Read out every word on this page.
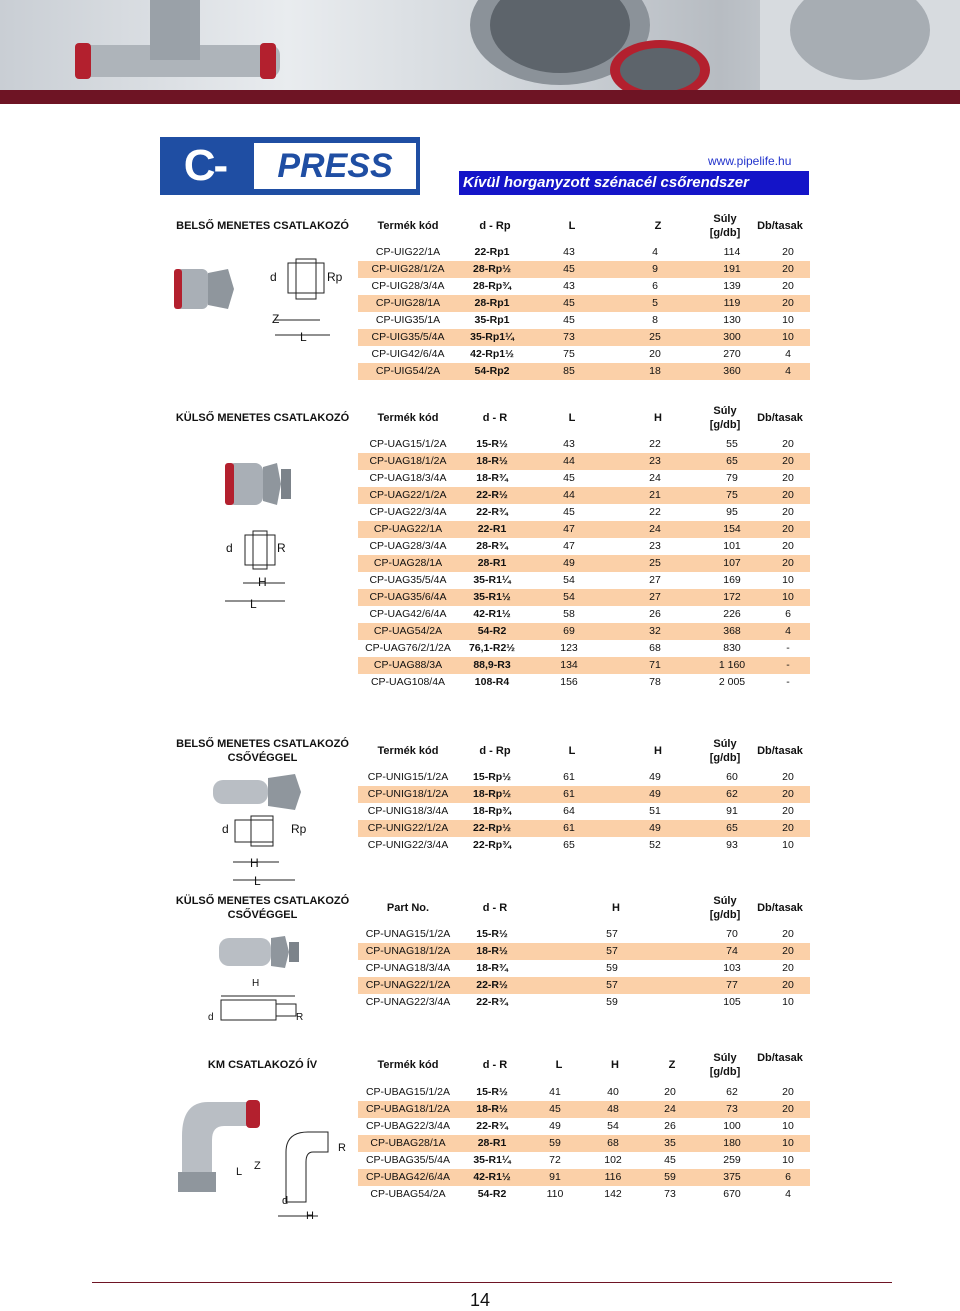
C-	PRESS	www.pipelife.hu
Kívül horganyzott szénacél csőrendszer
BELSŐ MENETES CSATLAKOZÓ	Termék kód	d - Rp	L	Z
Súly
[g/db]
Db/tasak
CP-UIG22/1A	22-Rp1	43	4	114	20
CP-UIG28/1/2A	28-Rp½	45	9	191	20
CP-UIG28/3/4A	28-Rp¾	43	6	139	20
CP-UIG28/1A	28-Rp1	45	5	119	20
CP-UIG35/1A	35-Rp1	45	8	130	10
CP-UIG35/5/4A	35-Rp1¼	73	25	300	10
CP-UIG42/6/4A	42-Rp1½	75	20	270	4
CP-UIG54/2A	54-Rp2	85	18	360	4
d	Rp
Z
L
KÜLSŐ MENETES CSATLAKOZÓ	Termék kód	d - R	L	H
Súly
[g/db]
Db/tasak
CP-UAG15/1/2A	15-R½	43	22	55	20
CP-UAG18/1/2A	18-R½	44	23	65	20
CP-UAG18/3/4A	18-R¾	45	24	79	20
CP-UAG22/1/2A	22-R½	44	21	75	20
CP-UAG22/3/4A	22-R¾	45	22	95	20
CP-UAG22/1A	22-R1	47	24	154	20
CP-UAG28/3/4A	28-R¾	47	23	101	20
CP-UAG28/1A	28-R1	49	25	107	20
CP-UAG35/5/4A	35-R1¼	54	27	169	10
CP-UAG35/6/4A	35-R1½	54	27	172	10
CP-UAG42/6/4A	42-R1½	58	26	226	6
CP-UAG54/2A	54-R2	69	32	368	4
CP-UAG76/2/1/2A	76,1-R2½	123	68	830	-
CP-UAG88/3A	88,9-R3	134	71	1 160	-
CP-UAG108/4A	108-R4	156	78	2 005	-
d	R
H
L
BELSŐ MENETES CSATLAKOZÓ
CSŐVÉGGEL
Termék kód	d - Rp	L	H
Súly
[g/db]
Db/tasak
CP-UNIG15/1/2A	15-Rp½	61	49	60	20
CP-UNIG18/1/2A	18-Rp½	61	49	62	20
CP-UNIG18/3/4A	18-Rp¾	64	51	91	20
CP-UNIG22/1/2A	22-Rp½	61	49	65	20
CP-UNIG22/3/4A	22-Rp¾	65	52	93	10
d	Rp
H
L
KÜLSŐ MENETES CSATLAKOZÓ
CSŐVÉGGEL
Part No.	d - R	H
Súly
[g/db]
Db/tasak
CP-UNAG15/1/2A	15-R½	57	70	20
CP-UNAG18/1/2A	18-R½	57	74	20
CP-UNAG18/3/4A	18-R¾	59	103	20
CP-UNAG22/1/2A	22-R½	57	77	20
CP-UNAG22/3/4A	22-R¾	59	105	10
H
d	R
KM CSATLAKOZÓ ÍV	Termék kód	d - R	L	H	Z
Súly
[g/db]
Db/tasak
CP-UBAG15/1/2A	15-R½	41	40	20	62	20
CP-UBAG18/1/2A	18-R½	45	48	24	73	20
CP-UBAG22/3/4A	22-R¾	49	54	26	100	10
CP-UBAG28/1A	28-R1	59	68	35	180	10
CP-UBAG35/5/4A	35-R1¼	72	102	45	259	10
CP-UBAG42/6/4A	42-R1½	91	116	59	375	6
CP-UBAG54/2A	54-R2	110	142	73	670	4
R
L Z
d
H
14
